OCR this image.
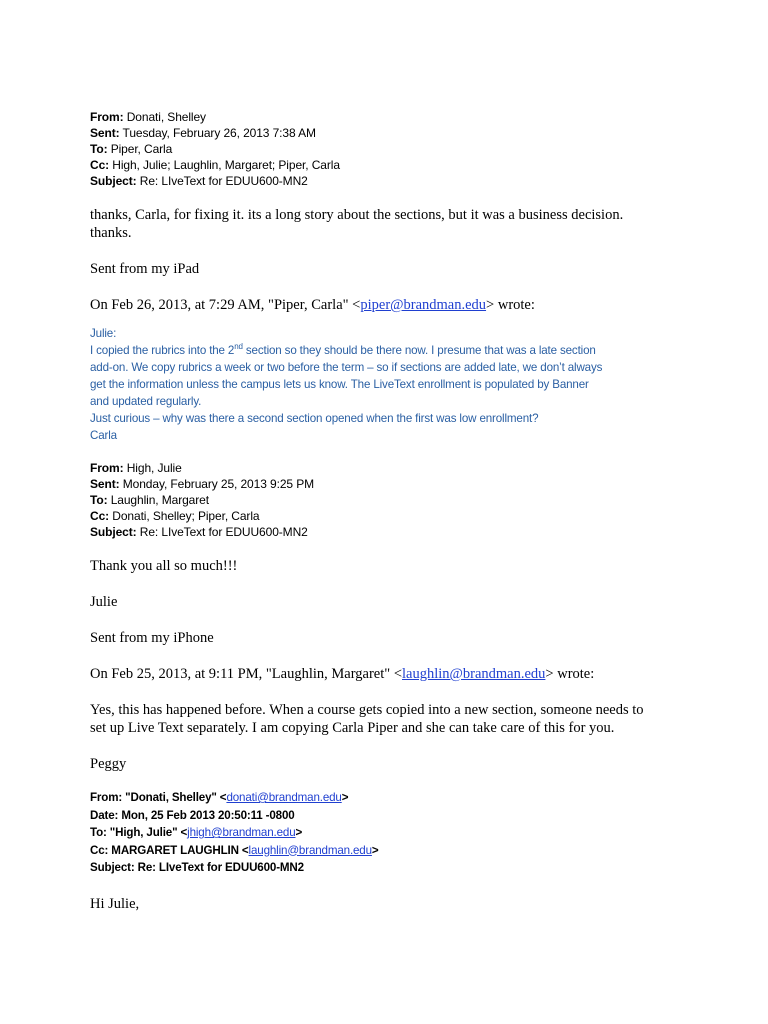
From: Donati, Shelley
Sent: Tuesday, February 26, 2013 7:38 AM
To: Piper, Carla
Cc: High, Julie; Laughlin, Margaret; Piper, Carla
Subject: Re: LIveText for EDUU600-MN2
thanks, Carla, for fixing it. its a long story about the sections, but it was a business decision.
thanks.
Sent from my iPad
On Feb 26, 2013, at 7:29 AM, "Piper, Carla" <piper@brandman.edu> wrote:
Julie:
I copied the rubrics into the 2nd section so they should be there now. I presume that was a late section
add-on. We copy rubrics a week or two before the term – so if sections are added late, we don’t always
get the information unless the campus lets us know. The LiveText enrollment is populated by Banner
and updated regularly.
Just curious – why was there a second section opened when the first was low enrollment?
Carla
From: High, Julie
Sent: Monday, February 25, 2013 9:25 PM
To: Laughlin, Margaret
Cc: Donati, Shelley; Piper, Carla
Subject: Re: LIveText for EDUU600-MN2
Thank you all so much!!!
Julie
Sent from my iPhone
On Feb 25, 2013, at 9:11 PM, "Laughlin, Margaret" <laughlin@brandman.edu> wrote:
Yes, this has happened before. When a course gets copied into a new section, someone needs to
set up Live Text separately. I am copying Carla Piper and she can take care of this for you.
Peggy
From: "Donati, Shelley" <donati@brandman.edu>
Date: Mon, 25 Feb 2013 20:50:11 -0800
To: "High, Julie" <jhigh@brandman.edu>
Cc: MARGARET LAUGHLIN <laughlin@brandman.edu>
Subject: Re: LIveText for EDUU600-MN2
Hi Julie,
